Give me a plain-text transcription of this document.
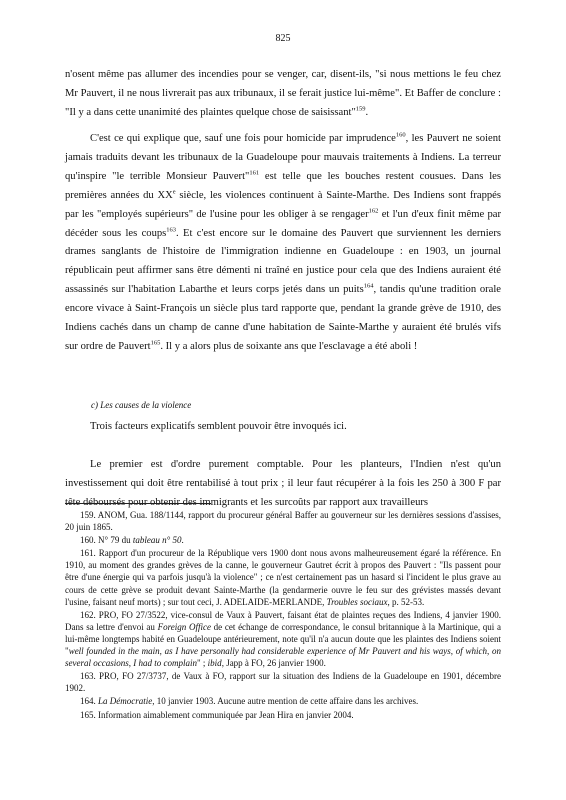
825

n'osent même pas allumer des incendies pour se venger, car, disent-ils, "si nous mettions le feu chez Mr Pauvert, il ne nous livrerait pas aux tribunaux, il se ferait justice lui-même". Et Baffer de conclure : "Il y a dans cette unanimité des plaintes quelque chose de saisissant"$^{159}$.

C'est ce qui explique que, sauf une fois pour homicide par imprudence$^{160}$, les Pauvert ne soient jamais traduits devant les tribunaux de la Guadeloupe pour mauvais traitements à Indiens. La terreur qu'inspire "le terrible Monsieur Pauvert"$^{161}$ est telle que les bouches restent cousues. Dans les premières années du XXe siècle, les violences continuent à Sainte-Marthe. Des Indiens sont frappés par les "employés supérieurs" de l'usine pour les obliger à se rengager$^{162}$ et l'un d'eux finit même par décéder sous les coups$^{163}$. Et c'est encore sur le domaine des Pauvert que surviennent les derniers drames sanglants de l'histoire de l'immigration indienne en Guadeloupe : en 1903, un journal républicain peut affirmer sans être démenti ni traîné en justice pour cela que des Indiens auraient été assassinés sur l'habitation Labarthe et leurs corps jetés dans un puits$^{164}$, tandis qu'une tradition orale encore vivace à Saint-François un siècle plus tard rapporte que, pendant la grande grève de 1910, des Indiens cachés dans un champ de canne d'une habitation de Sainte-Marthe y auraient été brulés vifs sur ordre de Pauvert$^{165}$. Il y a alors plus de soixante ans que l'esclavage a été aboli !

c) Les causes de la violence

Trois facteurs explicatifs semblent pouvoir être invoqués ici.

Le premier est d'ordre purement comptable. Pour les planteurs, l'Indien n'est qu'un investissement qui doit être rentabilisé à tout prix ; il leur faut récupérer à la fois les 250 à 300 F par tête déboursés pour obtenir des immigrants et les surcoûts par rapport aux travailleurs

159. ANOM, Gua. 188/1144, rapport du procureur général Baffer au gouverneur sur les dernières sessions d'assises, 20 juin 1865.

160. N° 79 du tableau n° 50.

161. Rapport d'un procureur de la République vers 1900 dont nous avons malheureusement égaré la référence. En 1910, au moment des grandes grèves de la canne, le gouverneur Gautret écrit à propos des Pauvert : "Ils passent pour être d'une énergie qui va parfois jusqu'à la violence" ; ce n'est certainement pas un hasard si l'incident le plus grave au cours de cette grève se produit devant Sainte-Marthe (la gendarmerie ouvre le feu sur des grévistes massés devant l'usine, faisant neuf morts) ; sur tout ceci, J. ADELAIDE-MERLANDE, Troubles sociaux, p. 52-53.

162. PRO, FO 27/3522, vice-consul de Vaux à Pauvert, faisant état de plaintes reçues des Indiens, 4 janvier 1900. Dans sa lettre d'envoi au Foreign Office de cet échange de correspondance, le consul britannique à la Martinique, qui a lui-même longtemps habité en Guadeloupe antérieurement, note qu'il n'a aucun doute que les plaintes des Indiens soient "well founded in the main, as I have personally had considerable experience of Mr Pauvert and his ways, of which, on several occasions, I had to complain" ; ibid, Japp à FO, 26 janvier 1900.

163. PRO, FO 27/3737, de Vaux à FO, rapport sur la situation des Indiens de la Guadeloupe en 1901, décembre 1902.

164. La Démocratie, 10 janvier 1903. Aucune autre mention de cette affaire dans les archives.

165. Information aimablement communiquée par Jean Hira en janvier 2004.
